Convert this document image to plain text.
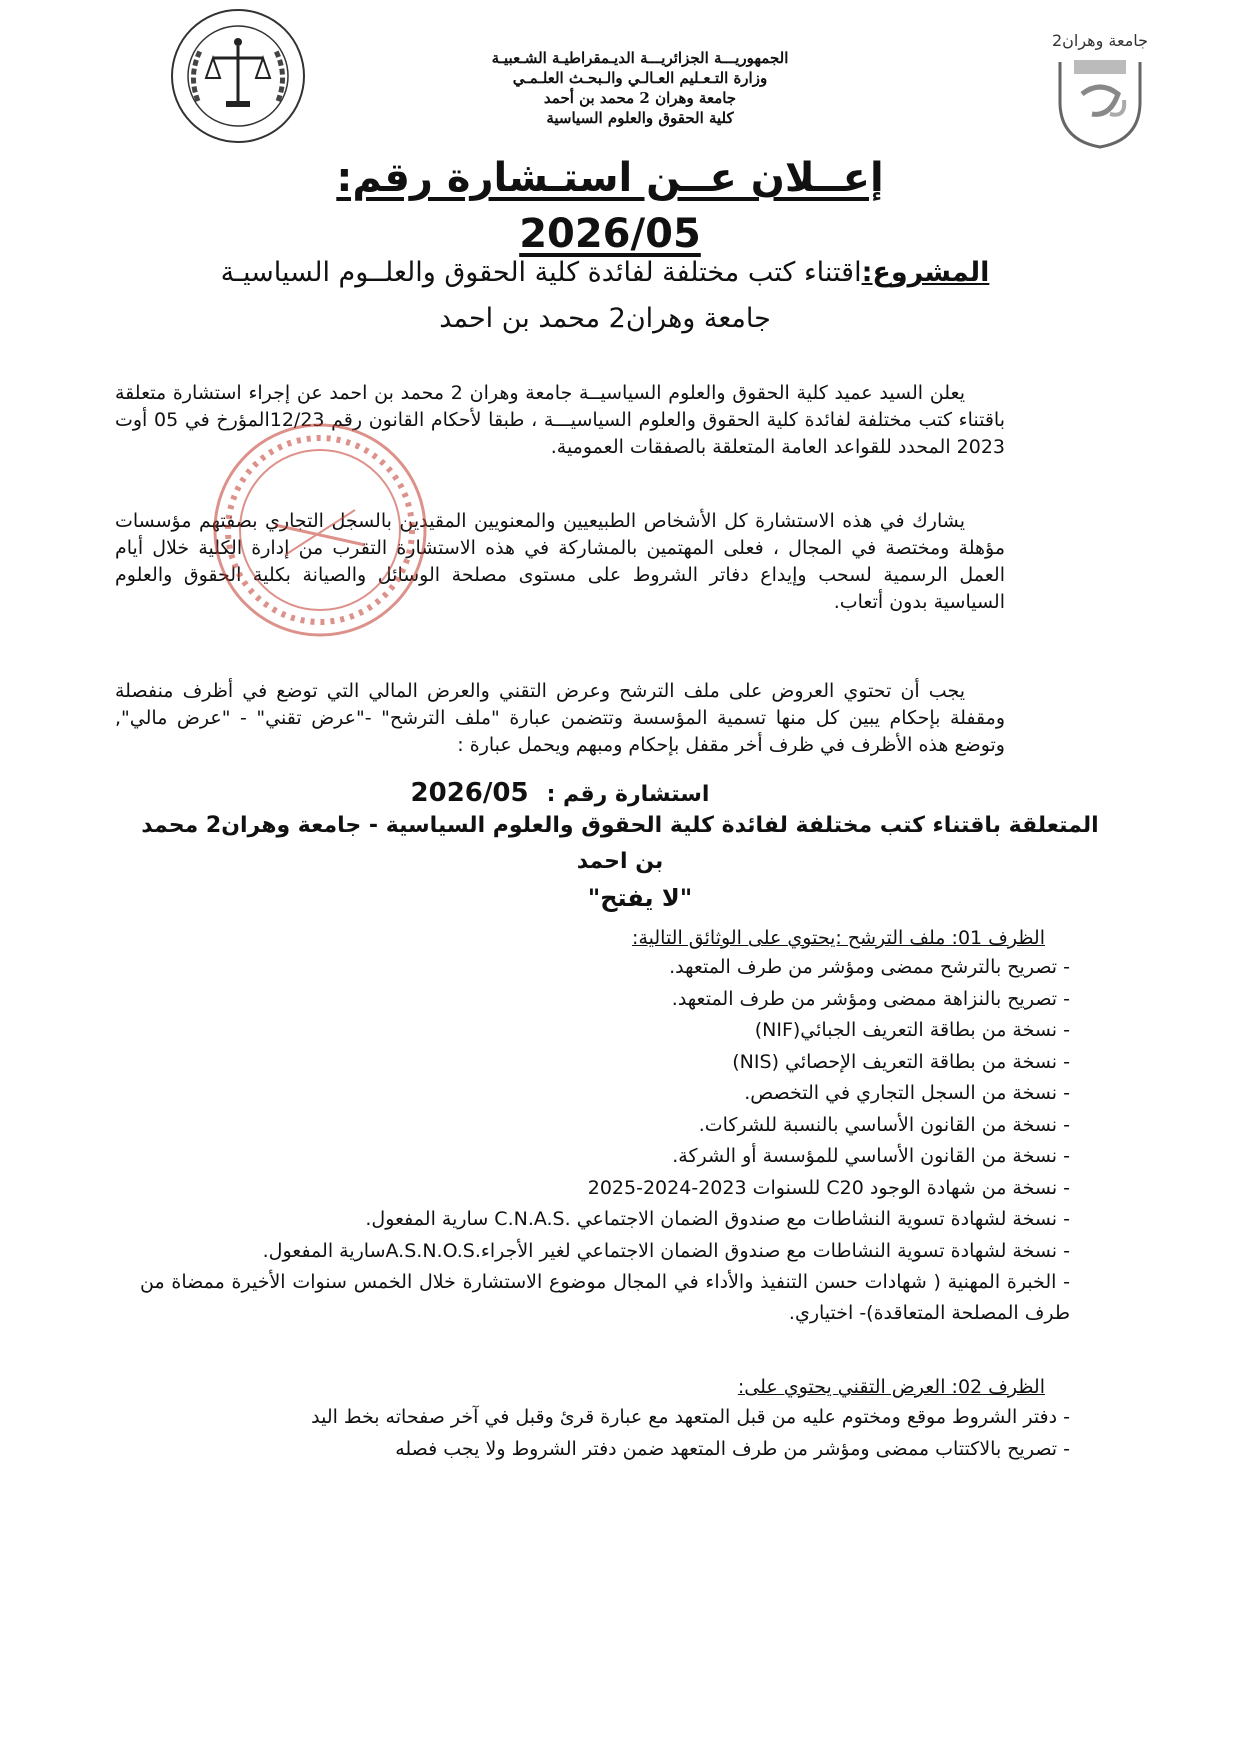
جامعة وهران2
الجمهوريـــة الجزائريـــة الديـمقراطيـة الشـعبيـة
وزارة التـعـليم العـالـي والـبحـث العلـمـي
جامعة وهران 2 محمد بن أحمد
كلية الحقوق والعلوم السياسية
إعــلان عــن استـشارة رقم: 2026/05
المشروع:اقتناء كتب مختلفة لفائدة كلية الحقوق والعلــوم السياسيـة
جامعة وهران2 محمد بن احمد
يعلن السيد عميد كلية الحقوق والعلوم السياسيــة جامعة وهران 2 محمد بن احمد عن إجراء استشارة متعلقة باقتناء كتب مختلفة لفائدة كلية الحقوق والعلوم السياسيـــة ، طبقا لأحكام القانون رقم 12/23المؤرخ في 05 أوت 2023 المحدد للقواعد العامة المتعلقة بالصفقات العمومية.
يشارك في هذه الاستشارة كل الأشخاص الطبيعيين والمعنويين المقيدين بالسجل التجاري بصفتهم مؤسسات مؤهلة ومختصة في المجال ، فعلى المهتمين بالمشاركة في هذه الاستشارة التقرب من إدارة الكلية خلال أيام العمل الرسمية لسحب وإيداع دفاتر الشروط على مستوى مصلحة الوسائل والصيانة بكلية الحقوق والعلوم السياسية بدون أتعاب.
يجب أن تحتوي العروض على ملف الترشح وعرض التقني والعرض المالي التي توضع في أظرف منفصلة ومقفلة بإحكام يبين كل منها تسمية المؤسسة وتتضمن عبارة "ملف الترشح" -"عرض تقني" - "عرض مالي", وتوضع هذه الأظرف في ظرف أخر مقفل بإحكام ومبهم ويحمل عبارة :
استشارة رقم :2026/05
المتعلقة باقتناء كتب مختلفة لفائدة كلية الحقوق والعلوم السياسية - جامعة وهران2 محمد بن احمد
"لا يفتح"
الظرف 01: ملف الترشح :يحتوي على الوثائق التالية:
- تصريح بالترشح ممضى ومؤشر من طرف المتعهد.
- تصريح بالنزاهة ممضى ومؤشر من طرف المتعهد.
- نسخة من بطاقة التعريف الجبائي(NIF)
- نسخة من بطاقة التعريف الإحصائي (NIS)
- نسخة من السجل التجاري في التخصص.
- نسخة من القانون الأساسي بالنسبة للشركات.
- نسخة من القانون الأساسي للمؤسسة أو الشركة.
- نسخة من شهادة الوجود C20 للسنوات 2023-2024-2025
- نسخة لشهادة تسوية النشاطات مع صندوق الضمان الاجتماعي .C.N.A.S سارية المفعول.
- نسخة لشهادة تسوية النشاطات مع صندوق الضمان الاجتماعي لغير الأجراء.A.S.N.O.Sسارية المفعول.
- الخبرة المهنية ( شهادات حسن التنفيذ والأداء في المجال موضوع الاستشارة خلال الخمس سنوات الأخيرة ممضاة من طرف المصلحة المتعاقدة)- اختياري.
الظرف 02: العرض التقني يحتوي على:
- دفتر الشروط موقع ومختوم عليه من قبل المتعهد مع عبارة قرئ وقبل في آخر صفحاته بخط اليد
- تصريح بالاكتتاب ممضى ومؤشر من طرف المتعهد ضمن دفتر الشروط ولا يجب فصله
